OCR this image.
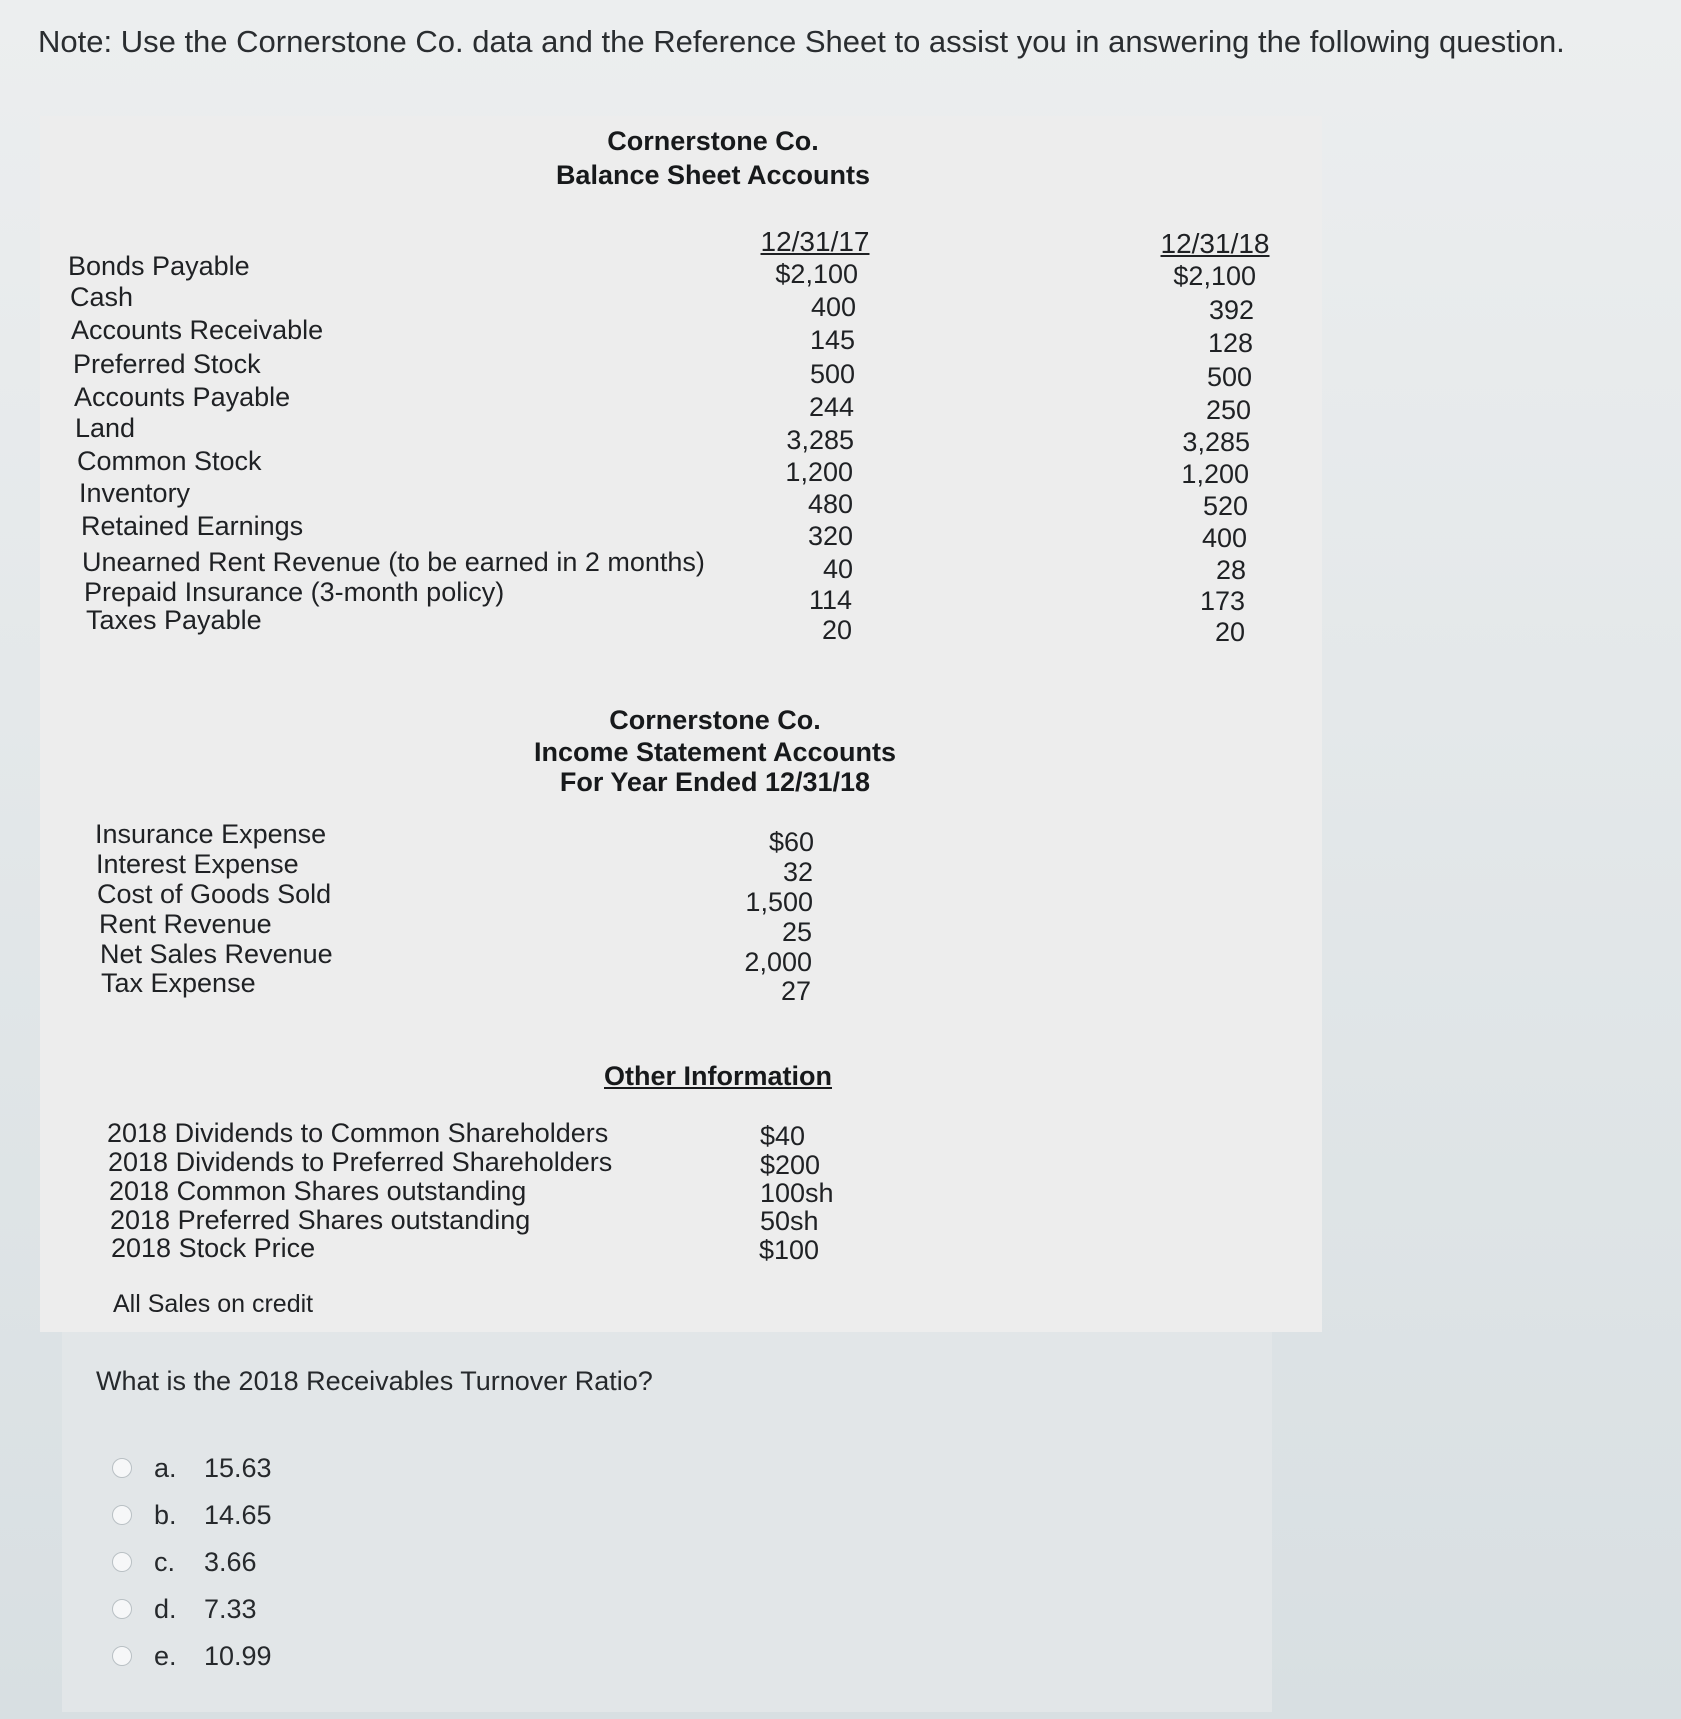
Note: Use the Cornerstone Co. data and the Reference Sheet to assist you in answering the following question.
Cornerstone Co.
Balance Sheet Accounts
12/31/17	12/31/18
Bonds Payable	$2,100	$2,100
Cash	400	392
Accounts Receivable	145	128
Preferred Stock	500	500
Accounts Payable	244	250
Land	3,285	3,285
Common Stock	1,200	1,200
Inventory	480	520
Retained Earnings	320	400
Unearned Rent Revenue (to be earned in 2 months)	40	28
Prepaid Insurance (3-month policy)	114	173
Taxes Payable	20	20
Cornerstone Co.
Income Statement Accounts
For Year Ended 12/31/18
Insurance Expense	$60
Interest Expense	32
Cost of Goods Sold	1,500
Rent Revenue	25
Net Sales Revenue	2,000
Tax Expense	27
Other Information
2018 Dividends to Common Shareholders	$40
2018 Dividends to Preferred Shareholders	$200
2018 Common Shares outstanding	100sh
2018 Preferred Shares outstanding	50sh
2018 Stock Price	$100
All Sales on credit
What is the 2018 Receivables Turnover Ratio?
a.	15.63
b.	14.65
c.	3.66
d.	7.33
e.	10.99
